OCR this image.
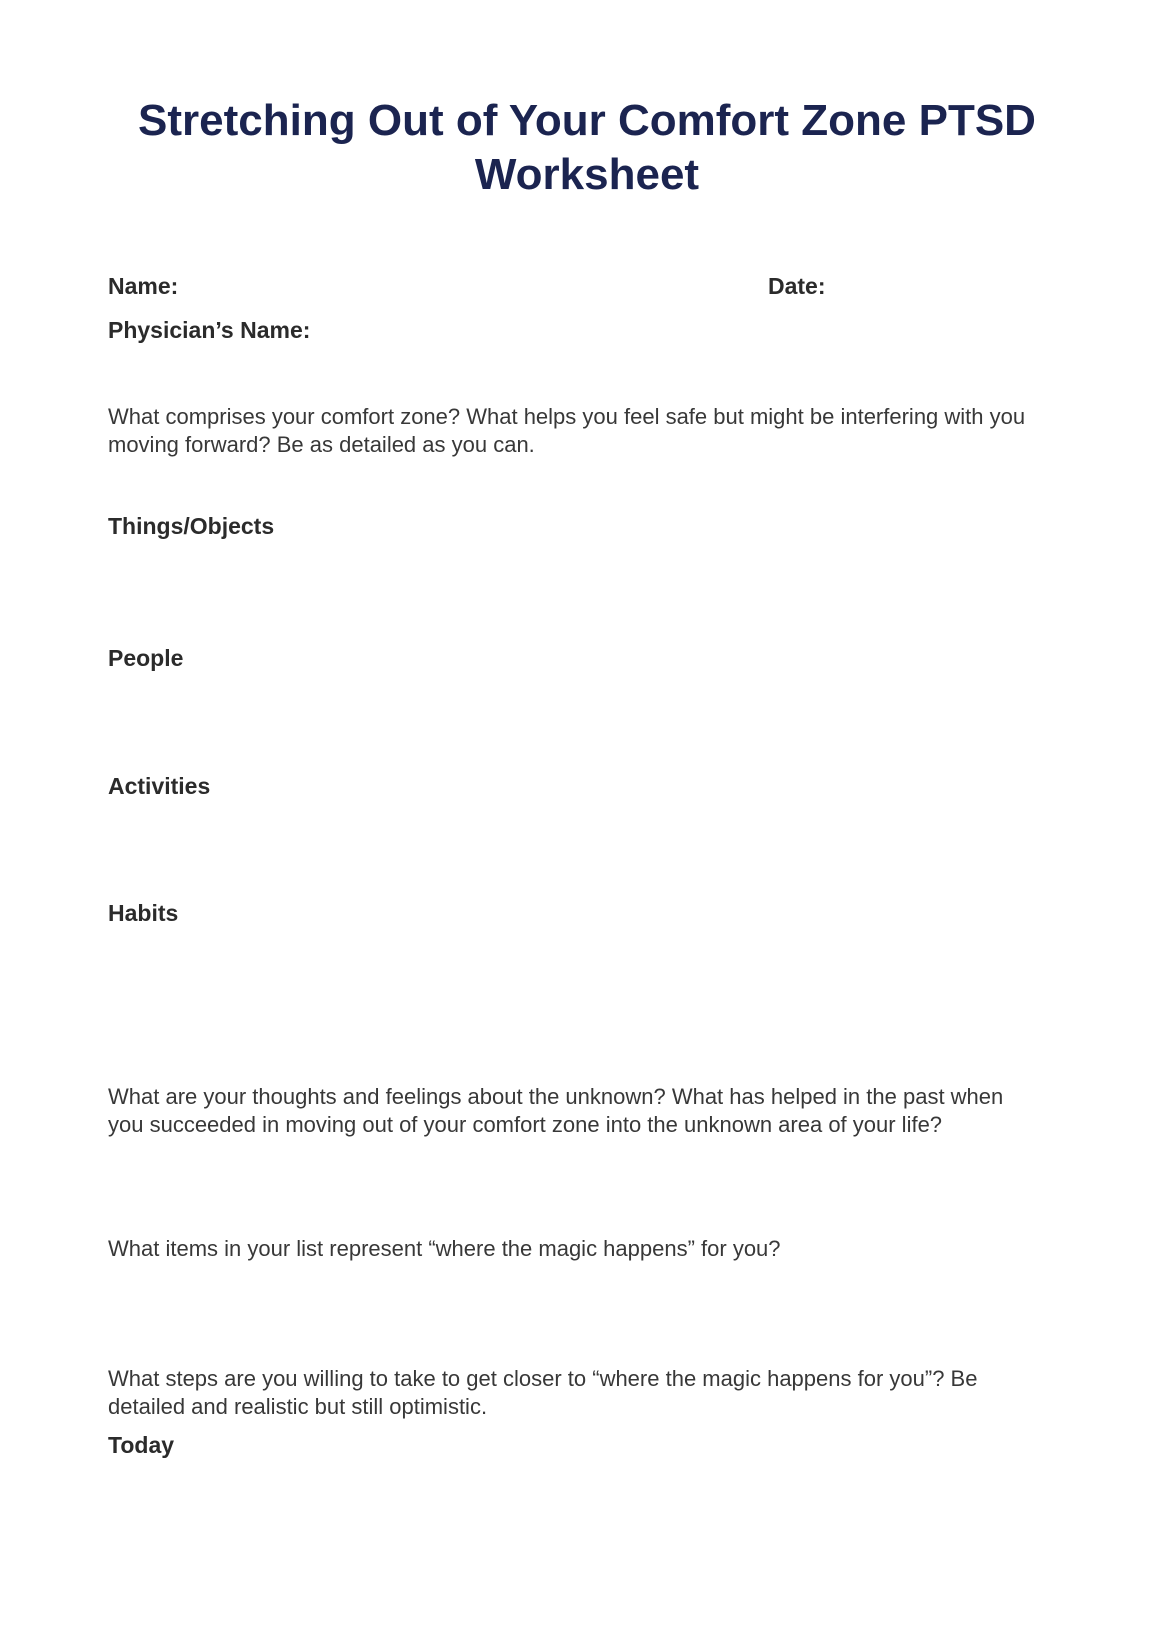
Stretching Out of Your Comfort Zone PTSD Worksheet
Name:	Date:
Physician’s Name:

What comprises your comfort zone? What helps you feel safe but might be interfering with you moving forward? Be as detailed as you can.

Things/Objects
People
Activities
Habits

What are your thoughts and feelings about the unknown? What has helped in the past when you succeeded in moving out of your comfort zone into the unknown area of your life?

What items in your list represent “where the magic happens” for you?

What steps are you willing to take to get closer to “where the magic happens for you”? Be detailed and realistic but still optimistic.

Today
